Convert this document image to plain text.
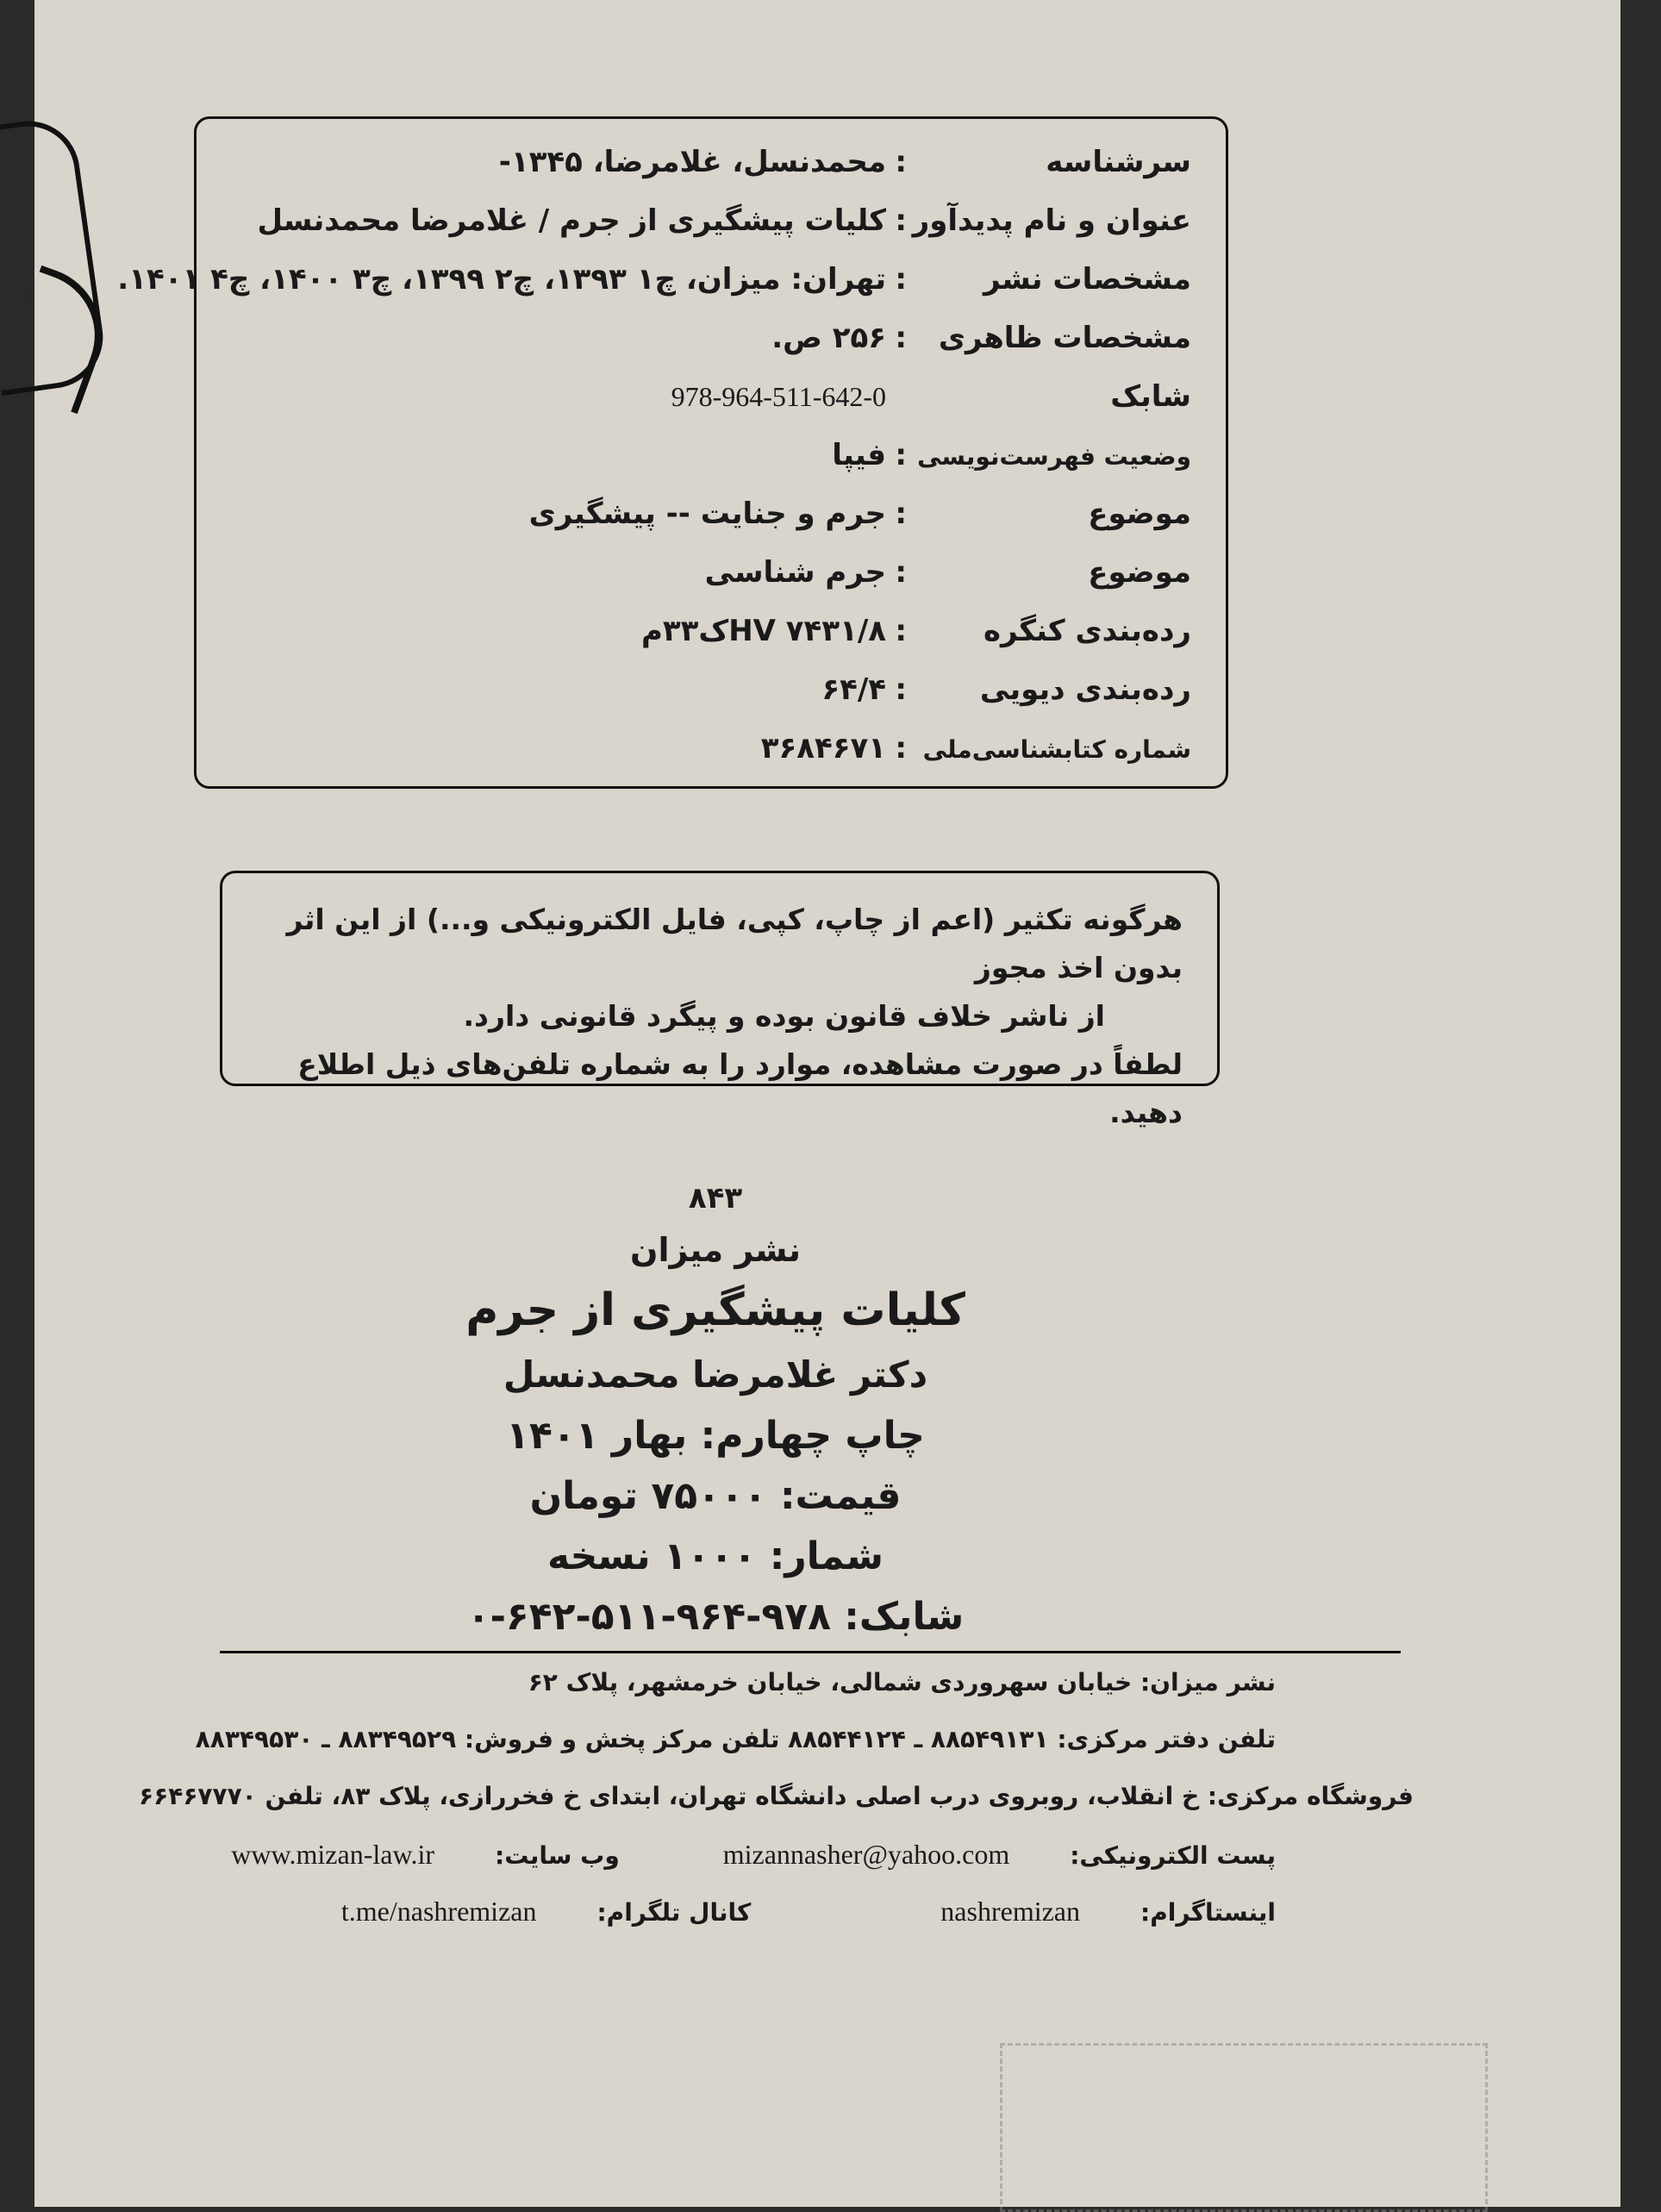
سرشناسه
:
محمدنسل، غلامرضا، ۱۳۴۵-
عنوان و نام پدیدآور
:
کلیات پیشگیری از جرم / غلامرضا محمدنسل
مشخصات نشر
:
تهران: میزان، چ۱ ۱۳۹۳، چ۲ ۱۳۹۹، چ۳ ۱۴۰۰، چ۴ ۱۴۰۱.
مشخصات ظاهری
:
۲۵۶ ص.
شابک
978-964-511-642-0
وضعیت فهرست‌نویسی
:
فیپا
موضوع
:
جرم و جنایت -- پیشگیری
موضوع
:
جرم شناسی
رده‌بندی کنگره
:
HV ۷۴۳۱/۸ک۳۳م
رده‌بندی دیویی
:
۶۴/۴
شماره کتابشناسی‌ملی
:
۳۶۸۴۶۷۱
هرگونه تکثیر (اعم از چاپ، کپی، فایل الکترونیکی و...) از این اثر بدون اخذ مجوز
از ناشر خلاف قانون بوده و پیگرد قانونی دارد.
لطفاً در صورت مشاهده، موارد را به شماره تلفن‌های ذیل اطلاع دهید.
۸۴۳
نشر میزان
کلیات پیشگیری از جرم
دکتر غلامرضا محمدنسل
چاپ چهارم: بهار ۱۴۰۱
قیمت: ۷۵۰۰۰ تومان
شمار: ۱۰۰۰ نسخه
شابک: ۹۷۸-۹۶۴-۵۱۱-۶۴۲-۰
نشر میزان: خیابان سهروردی شمالی، خیابان خرمشهر، پلاک ۶۲
تلفن دفتر مرکزی: ۸۸۵۴۹۱۳۱ ـ ۸۸۵۴۴۱۲۴ تلفن مرکز پخش و فروش: ۸۸۳۴۹۵۲۹ ـ ۸۸۳۴۹۵۳۰
فروشگاه مرکزی: خ انقلاب، روبروی درب اصلی دانشگاه تهران، ابتدای خ فخررازی، پلاک ۸۳، تلفن ۶۶۴۶۷۷۷۰
پست الکترونیکی:
mizannasher@yahoo.com
وب سایت:
www.mizan-law.ir
اینستاگرام:
nashremizan
کانال تلگرام:
t.me/nashremizan
